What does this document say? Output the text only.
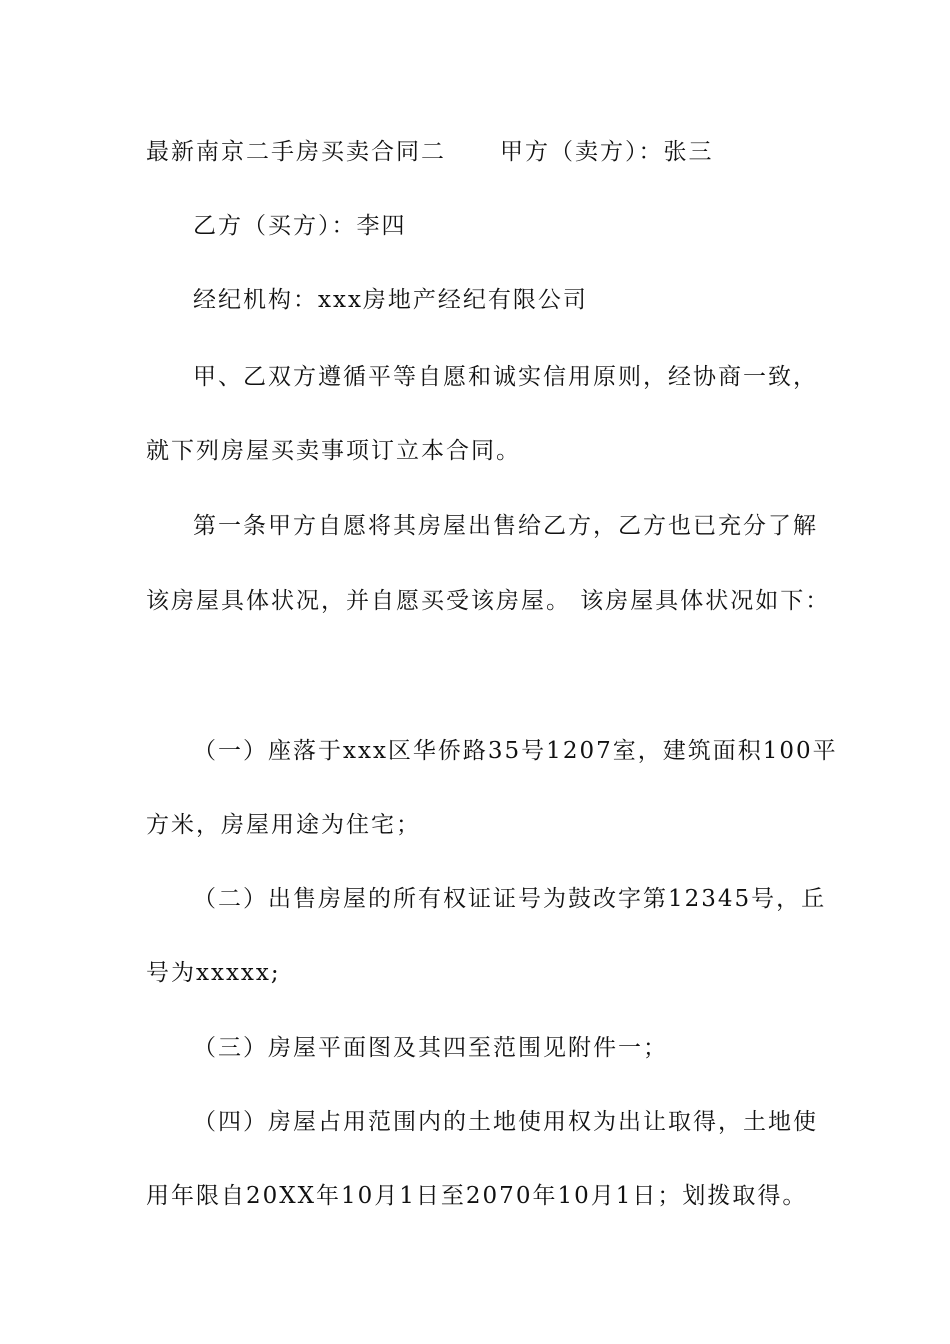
最新南京二手房买卖合同二 甲方（卖方）：张三
乙方（买方）：李四
经纪机构：xxx房地产经纪有限公司
甲、乙双方遵循平等自愿和诚实信用原则，经协商一致，
就下列房屋买卖事项订立本合同。
第一条甲方自愿将其房屋出售给乙方，乙方也已充分了解
该房屋具体状况，并自愿买受该房屋。 该房屋具体状况如下：
（一）座落于xxx区华侨路35号1207室，建筑面积100平
方米，房屋用途为住宅；
（二）出售房屋的所有权证证号为鼓改字第12345号，丘
号为xxxxx;
（三）房屋平面图及其四至范围见附件一；
（四）房屋占用范围内的土地使用权为出让取得，土地使
用年限自20XX年10月1日至2070年10月1日；划拨取得。
